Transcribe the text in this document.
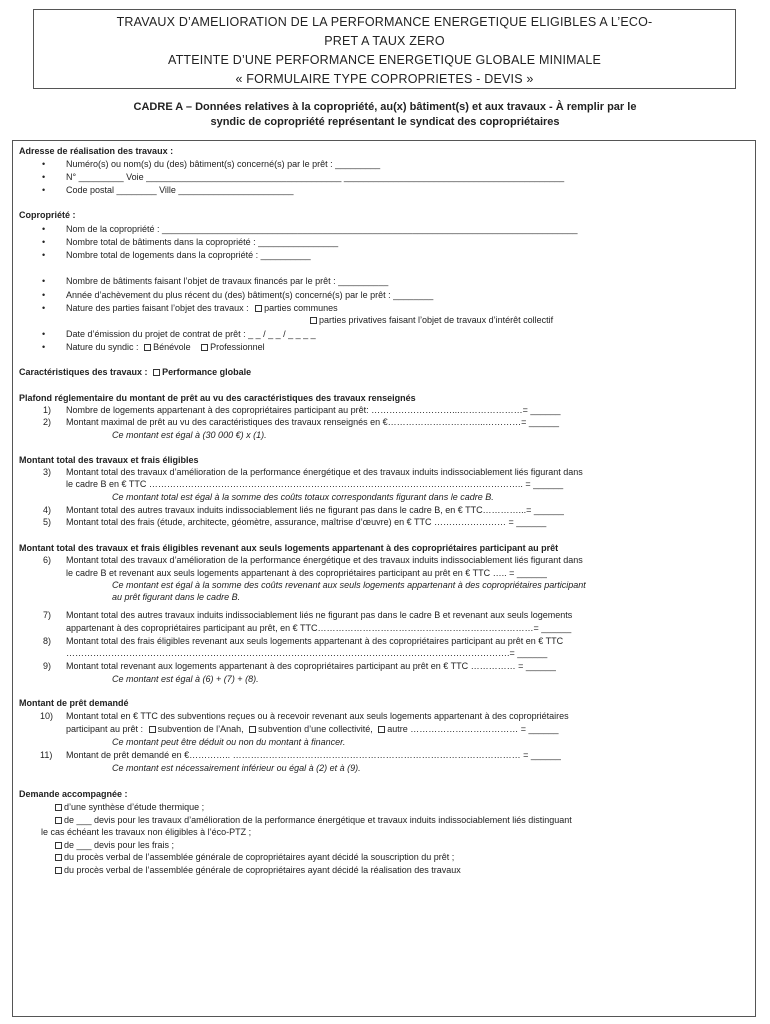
TRAVAUX D’AMELIORATION DE LA PERFORMANCE ENERGETIQUE ELIGIBLES A L’ECO-
PRET A TAUX ZERO
ATTEINTE D’UNE PERFORMANCE ENERGETIQUE GLOBALE MINIMALE
« FORMULAIRE TYPE COPROPRIETES - DEVIS »
CADRE A – Données relatives à la copropriété, au(x) bâtiment(s) et aux travaux - À remplir par le
syndic de copropriété représentant le syndicat des copropriétaires
Adresse de réalisation des travaux :
• Numéro(s) ou nom(s) du (des) bâtiment(s) concerné(s) par le prêt : _________
• N° _________ Voie _______________________________________ ____________________________________________
• Code postal ________ Ville _______________________
Copropriété :
• Nom de la copropriété : ___________________________________________________________________________________
• Nombre total de bâtiments dans la copropriété : ________________
• Nombre total de logements dans la copropriété : __________
• Nombre de bâtiments faisant l’objet de travaux financés par le prêt : __________
• Année d’achèvement du plus récent du (des) bâtiment(s) concerné(s) par le prêt : ________
• Nature des parties faisant l’objet des travaux : parties communes
parties privatives faisant l’objet de travaux d’intérêt collectif
• Date d’émission du projet de contrat de prêt : _ _ / _ _ / _ _ _ _
• Nature du syndic : Bénévole Professionnel
Caractéristiques des travaux : Performance globale
Plafond réglementaire du montant de prêt au vu des caractéristiques des travaux renseignés
1) Nombre de logements appartenant à des copropriétaires participant au prêt: ………………………...…………………= ______
2) Montant maximal de prêt au vu des caractéristiques des travaux renseignés en €…………………………...…………= ______
Ce montant est égal à (30 000 €) x (1).
Montant total des travaux et frais éligibles
3) Montant total des travaux d’amélioration de la performance énergétique et des travaux induits indissociablement liés figurant dans
le cadre B en € TTC …………………………………………………………………………………………………………….. = ______
Ce montant total est égal à la somme des coûts totaux correspondants figurant dans le cadre B.
4) Montant total des autres travaux induits indissociablement liés ne figurant pas dans le cadre B, en € TTC…………...= ______
5) Montant total des frais (étude, architecte, géomètre, assurance, maîtrise d’œuvre) en € TTC …………………… = ______
Montant total des travaux et frais éligibles revenant aux seuls logements appartenant à des copropriétaires participant au prêt
6) Montant total des travaux d’amélioration de la performance énergétique et des travaux induits indissociablement liés figurant dans
le cadre B et revenant aux seuls logements appartenant à des copropriétaires participant au prêt en € TTC ….. = ______
Ce montant est égal à la somme des coûts revenant aux seuls logements appartenant à des copropriétaires participant
au prêt figurant dans le cadre B.
7) Montant total des autres travaux induits indissociablement liés ne figurant pas dans le cadre B et revenant aux seuls logements
appartenant à des copropriétaires participant au prêt, en € TTC………………………………………………………………= ______
8) Montant total des frais éligibles revenant aux seuls logements appartenant à des copropriétaires participant au prêt en € TTC
………………………………………………………………………………………………………………………………….= ______
9) Montant total revenant aux logements appartenant à des copropriétaires participant au prêt en € TTC …………… = ______
Ce montant est égal à (6) + (7) + (8).
Montant de prêt demandé
10) Montant total en € TTC des subventions reçues ou à recevoir revenant aux seuls logements appartenant à des copropriétaires
participant au prêt : subvention de l’Anah, subvention d’une collectivité, autre ……………………………… = ______
Ce montant peut être déduit ou non du montant à financer.
11) Montant de prêt demandé en €………….. …………………………………………………………………………………… = ______
Ce montant est nécessairement inférieur ou égal à (2) et à (9).
Demande accompagnée :
d’une synthèse d’étude thermique ;
de ___ devis pour les travaux d’amélioration de la performance énergétique et travaux induits indissociablement liés distinguant
le cas échéant les travaux non éligibles à l’éco-PTZ ;
de ___ devis pour les frais ;
du procès verbal de l’assemblée générale de copropriétaires ayant décidé la souscription du prêt ;
du procès verbal de l’assemblée générale de copropriétaires ayant décidé la réalisation des travaux
